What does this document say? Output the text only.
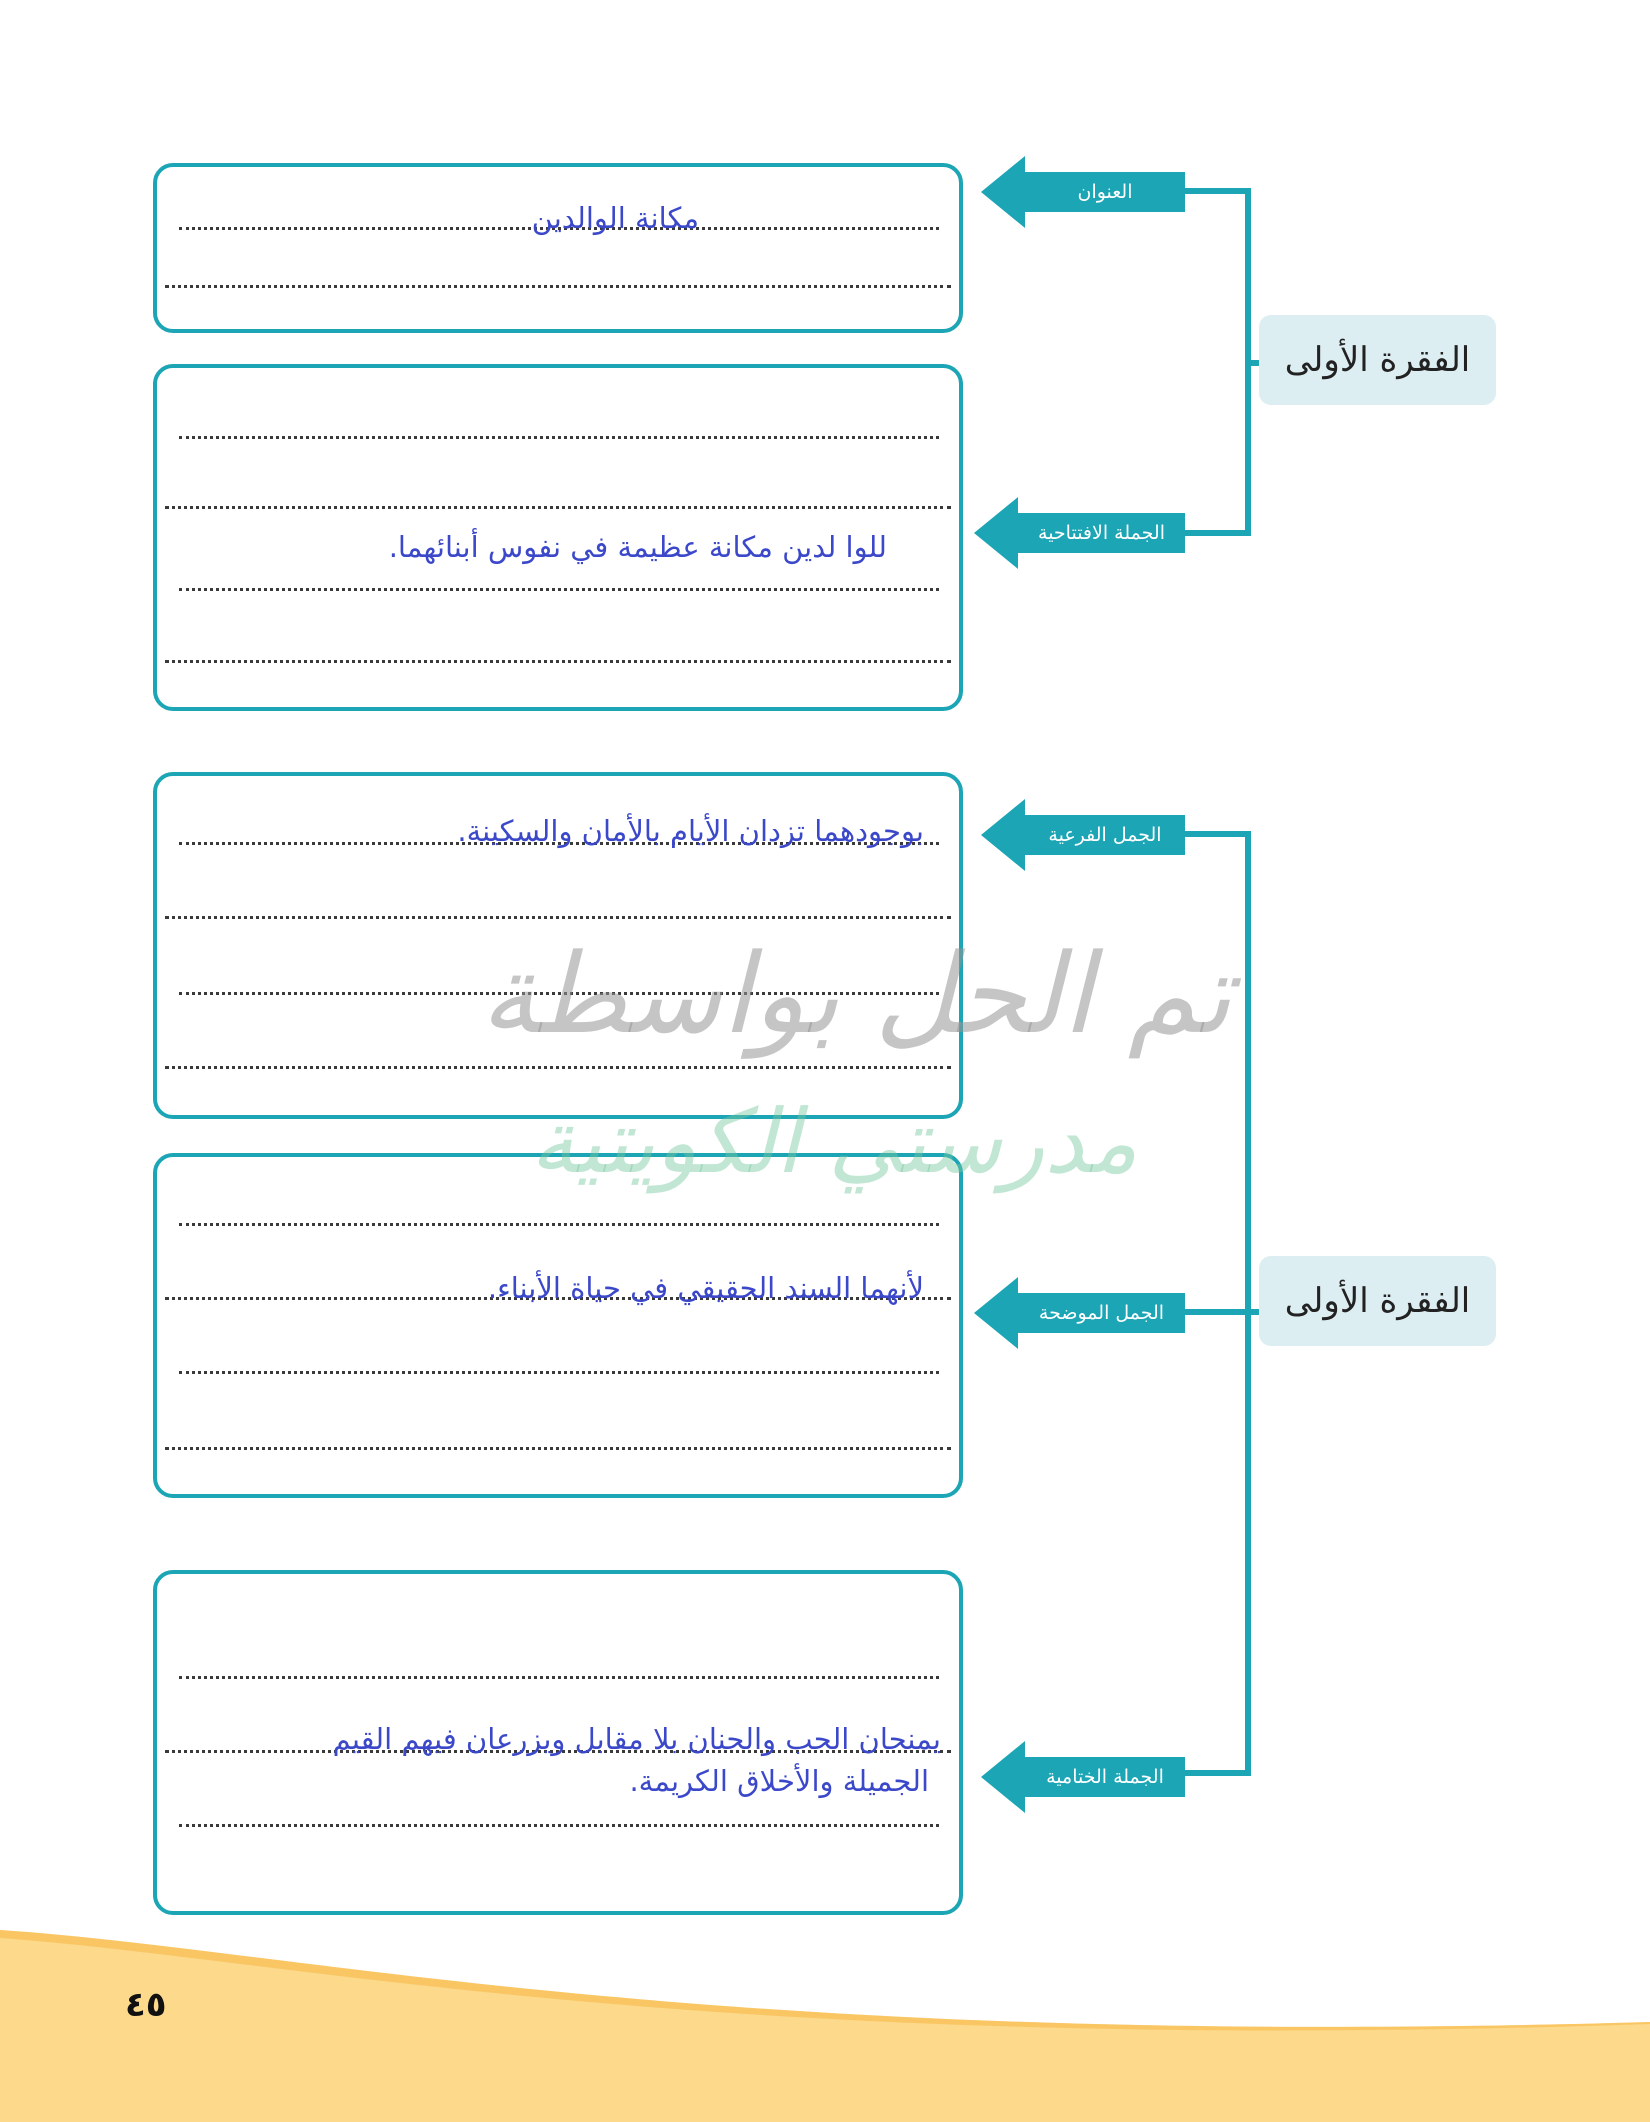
مكانة الوالدين
للوا لدين مكانة عظيمة في نفوس أبنائهما.
بوجودهما تزدان الأيام بالأمان والسكينة.
لأنهما السند الحقيقي في حياة الأبناء.
يمنحان الحب والحنان بلا مقابل ويزرعان فيهم القيم
الجميلة والأخلاق الكريمة.
العنوان
الجملة الافتتاحية
الجمل الفرعية
الجمل الموضحة
الجملة الختامية
الفقرة الأولى
الفقرة الأولى
تم الحل بواسطة
مدرستي الكويتية
٤٥
